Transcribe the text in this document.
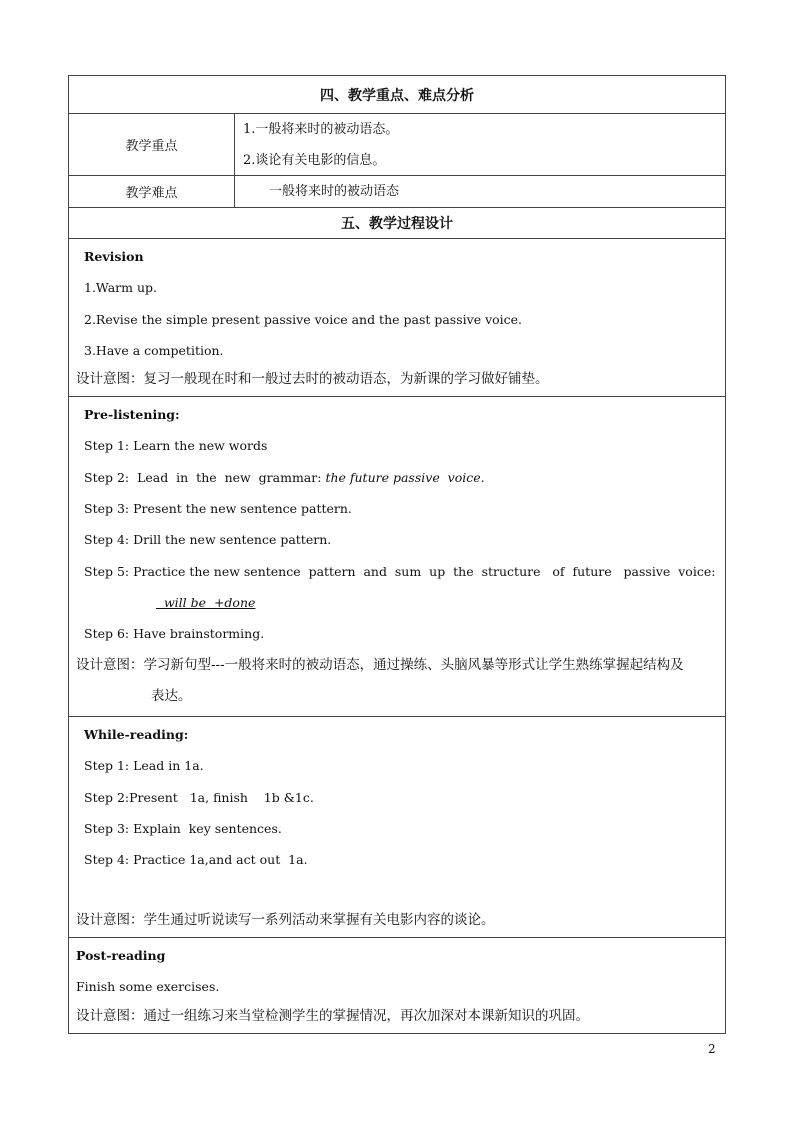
四、教学重点、难点分析
教学重点
1.一般将来时的被动语态。
2.谈论有关电影的信息。
教学难点	一般将来时的被动语态
五、教学过程设计
Revision
1.Warm up.
2.Revise the simple present passive voice and the past passive voice.
3.Have a competition.
设计意图：复习一般现在时和一般过去时的被动语态，为新课的学习做好铺垫。
Pre-listening:
Step 1: Learn the new words
Step 2:  Lead  in  the  new  grammar: the future passive  voice.
Step 3: Present the new sentence pattern.
Step 4: Drill the new sentence pattern.
Step 5: Practice the new sentence  pattern  and  sum  up  the  structure   of  future   passive  voice:
will be  +done
Step 6: Have brainstorming.
设计意图：学习新句型---一般将来时的被动语态，通过操练、头脑风暴等形式让学生熟练掌握起结构及
表达。
While-reading:
Step 1: Lead in 1a.
Step 2:Present   1a, finish    1b &1c.
Step 3: Explain  key sentences.
Step 4: Practice 1a,and act out  1a.
设计意图：学生通过听说读写一系列活动来掌握有关电影内容的谈论。
Post-reading
Finish some exercises.
设计意图：通过一组练习来当堂检测学生的掌握情况，再次加深对本课新知识的巩固。
2
